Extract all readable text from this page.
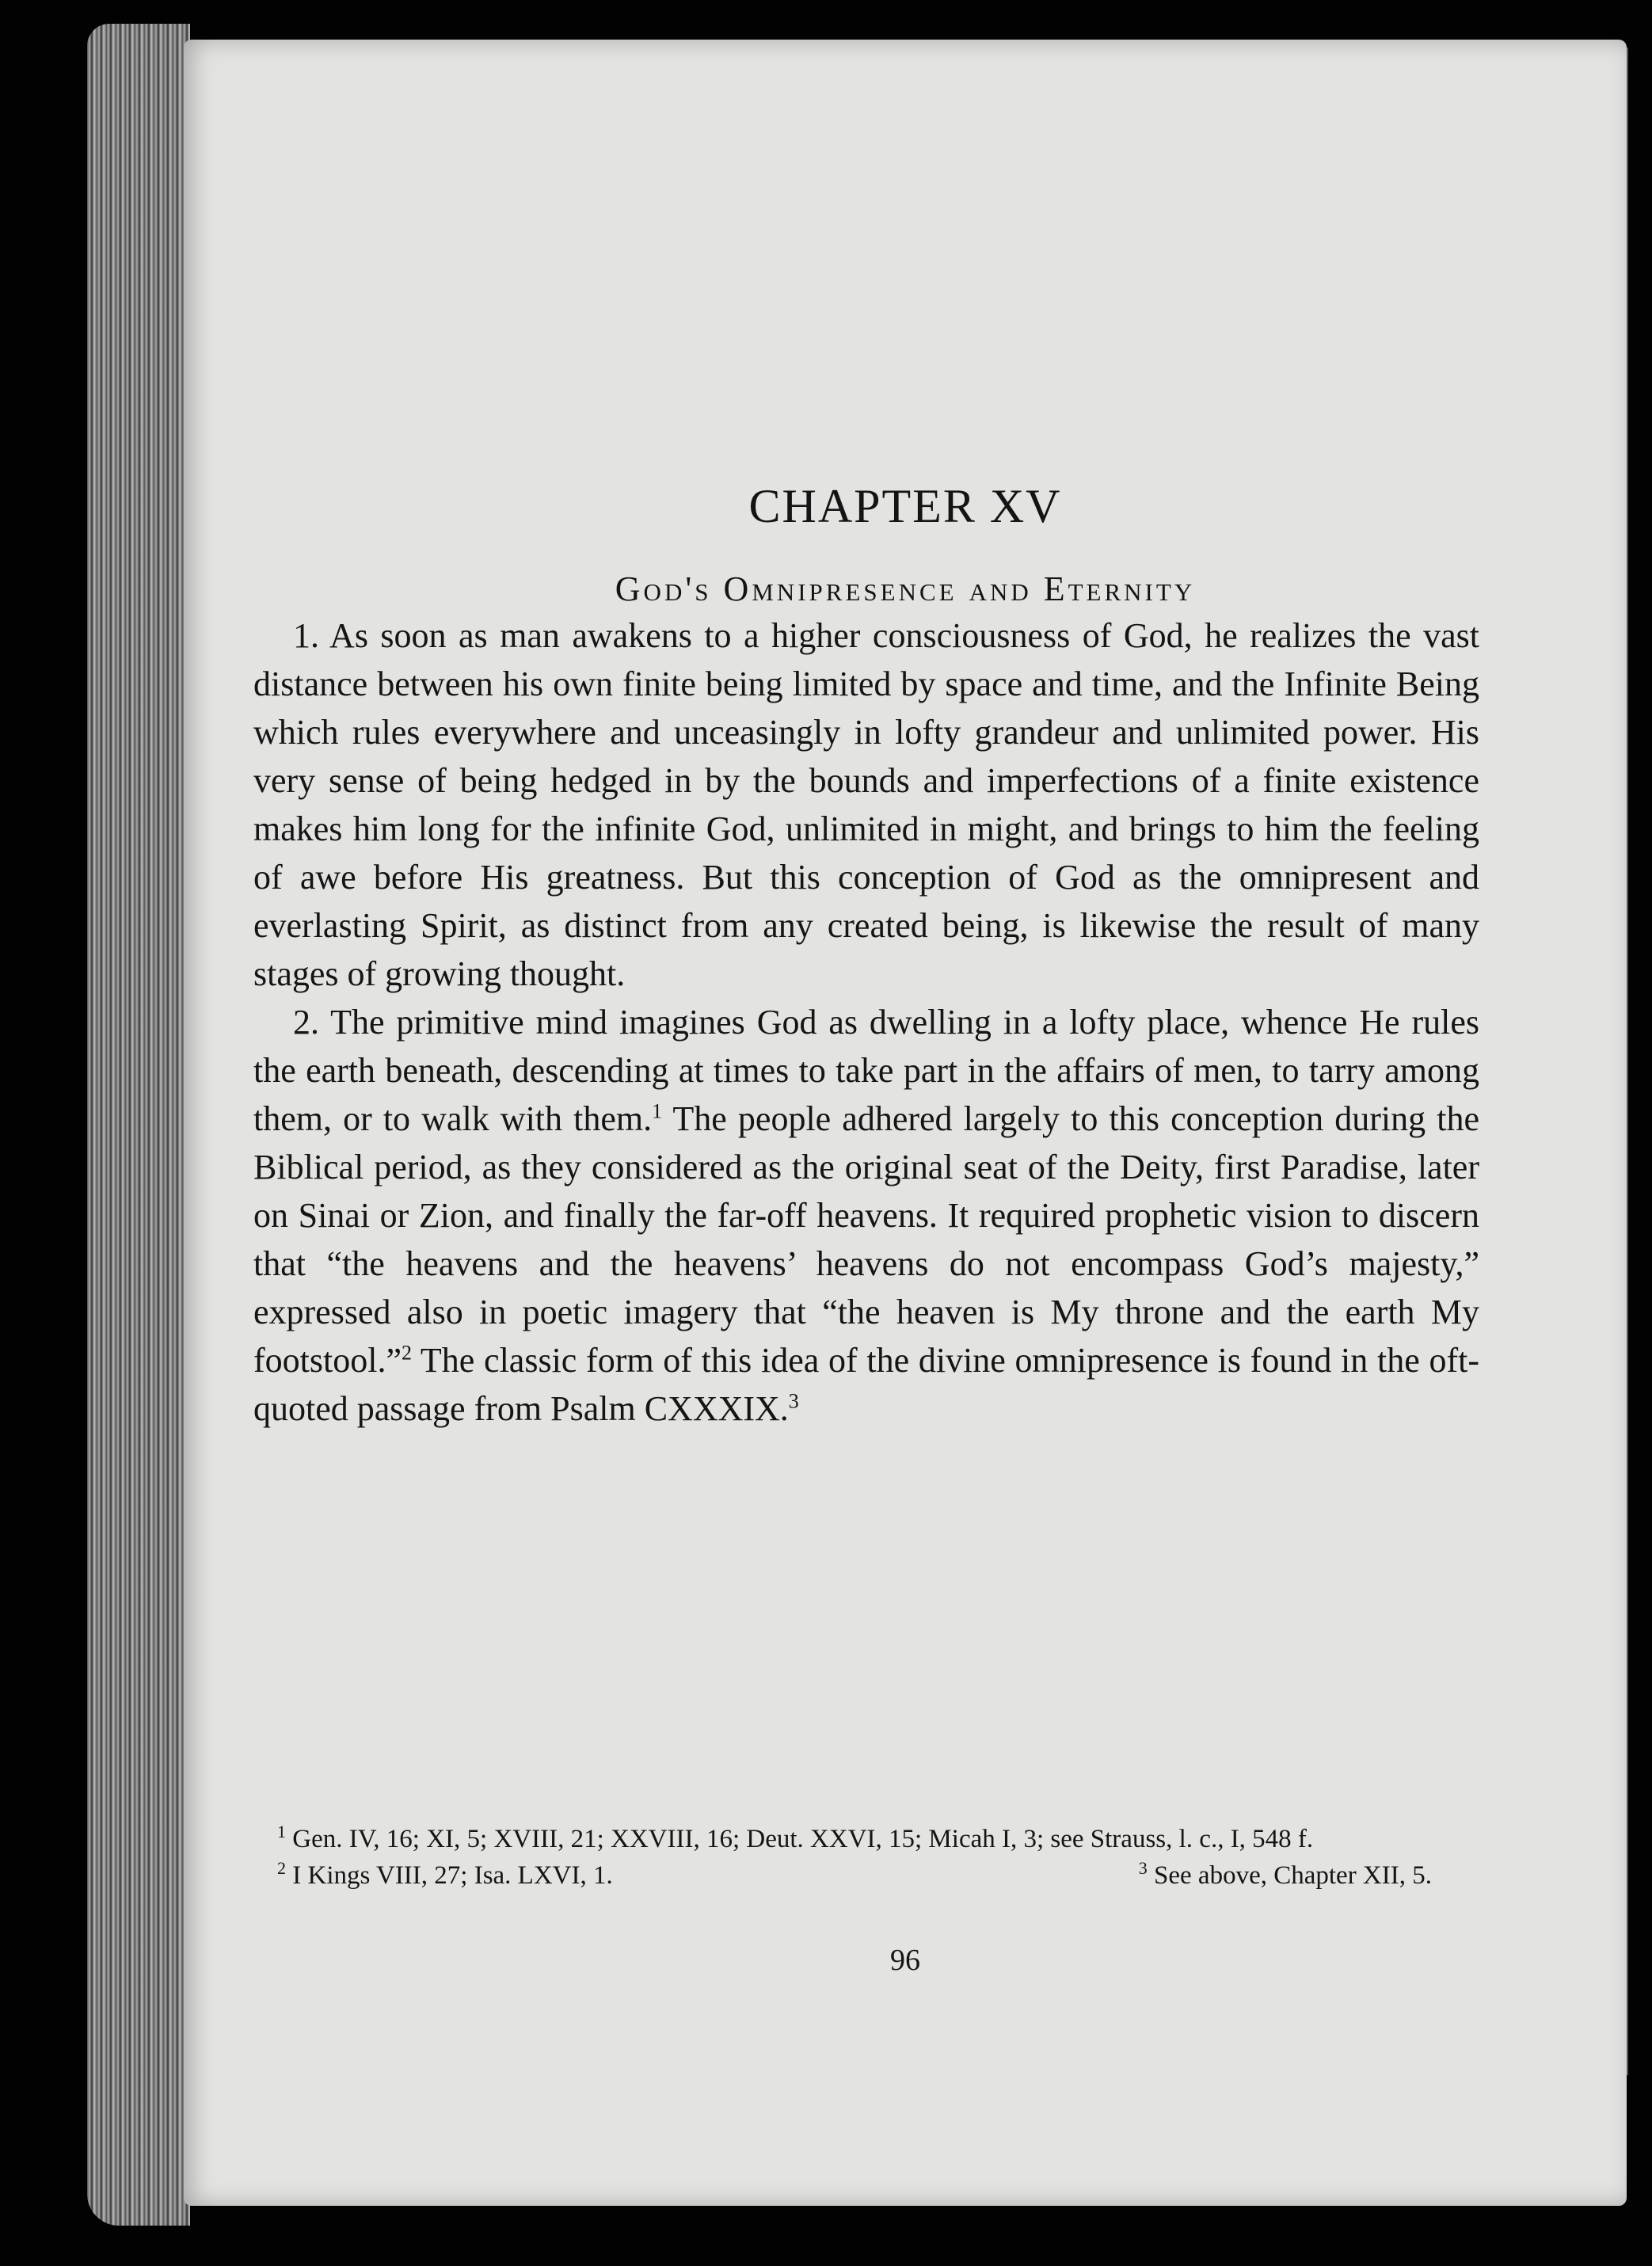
CHAPTER XV
God's Omnipresence and Eternity

1. As soon as man awakens to a higher consciousness of God, he realizes the vast distance between his own finite being limited by space and time, and the Infinite Being which rules everywhere and unceasingly in lofty grandeur and unlimited power. His very sense of being hedged in by the bounds and imperfections of a finite existence makes him long for the infinite God, unlimited in might, and brings to him the feeling of awe before His greatness. But this conception of God as the omnipresent and everlasting Spirit, as distinct from any created being, is likewise the result of many stages of growing thought.

2. The primitive mind imagines God as dwelling in a lofty place, whence He rules the earth beneath, descending at times to take part in the affairs of men, to tarry among them, or to walk with them.$^1$ The people adhered largely to this conception during the Biblical period, as they considered as the original seat of the Deity, first Paradise, later on Sinai or Zion, and finally the far-off heavens. It required prophetic vision to discern that “the heavens and the heavens’ heavens do not encompass God’s majesty,” expressed also in poetic imagery that “the heaven is My throne and the earth My footstool.”$^2$ The classic form of this idea of the divine omnipresence is found in the oft-quoted passage from Psalm CXXXIX.$^3$

$^1$ Gen. IV, 16; XI, 5; XVIII, 21; XXVIII, 16; Deut. XXVI, 15; Micah I, 3; see Strauss, l. c., I, 548 f.

$^2$ I Kings VIII, 27; Isa. LXVI, 1.	$^3$ See above, Chapter XII, 5.
96
